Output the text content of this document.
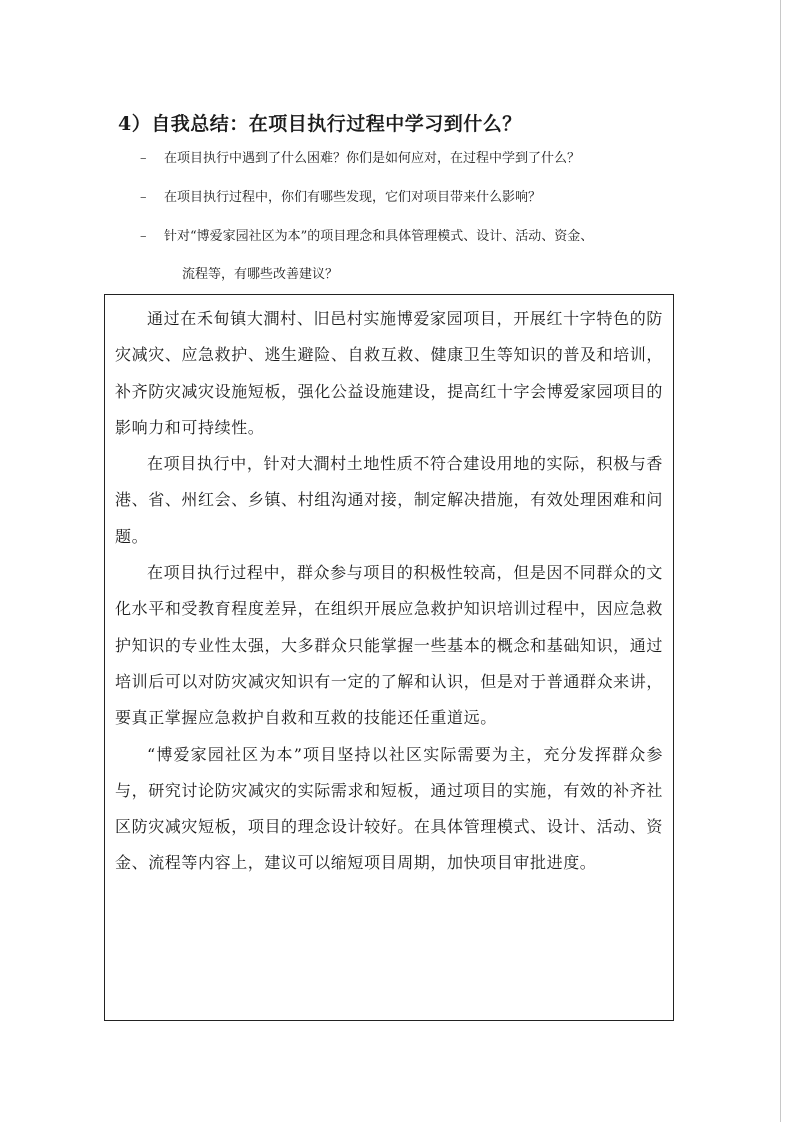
4）自我总结：在项目执行过程中学习到什么？
– 在项目执行中遇到了什么困难？你们是如何应对，在过程中学到了什么？
– 在项目执行过程中，你们有哪些发现，它们对项目带来什么影响？
– 针对“博爱家园社区为本”的项目理念和具体管理模式、设计、活动、资金、
流程等，有哪些改善建议？

通过在禾甸镇大澗村、旧邑村实施博爱家园项目，开展红十字特色的防灾减灾、应急救护、逃生避险、自救互救、健康卫生等知识的普及和培训，补齐防灾减灾设施短板，强化公益设施建设，提高红十字会博爱家园项目的影响力和可持续性。

在项目执行中，针对大澗村土地性质不符合建设用地的实际，积极与香港、省、州红会、乡镇、村组沟通对接，制定解决措施，有效处理困难和问题。

在项目执行过程中，群众参与项目的积极性较高，但是因不同群众的文化水平和受教育程度差异，在组织开展应急救护知识培训过程中，因应急救护知识的专业性太强，大多群众只能掌握一些基本的概念和基础知识，通过培训后可以对防灾减灾知识有一定的了解和认识，但是对于普通群众来讲，要真正掌握应急救护自救和互救的技能还任重道远。

“博爱家园社区为本”项目坚持以社区实际需要为主，充分发挥群众参与，研究讨论防灾减灾的实际需求和短板，通过项目的实施，有效的补齐社区防灾减灾短板，项目的理念设计较好。在具体管理模式、设计、活动、资金、流程等内容上，建议可以缩短项目周期，加快项目审批进度。
